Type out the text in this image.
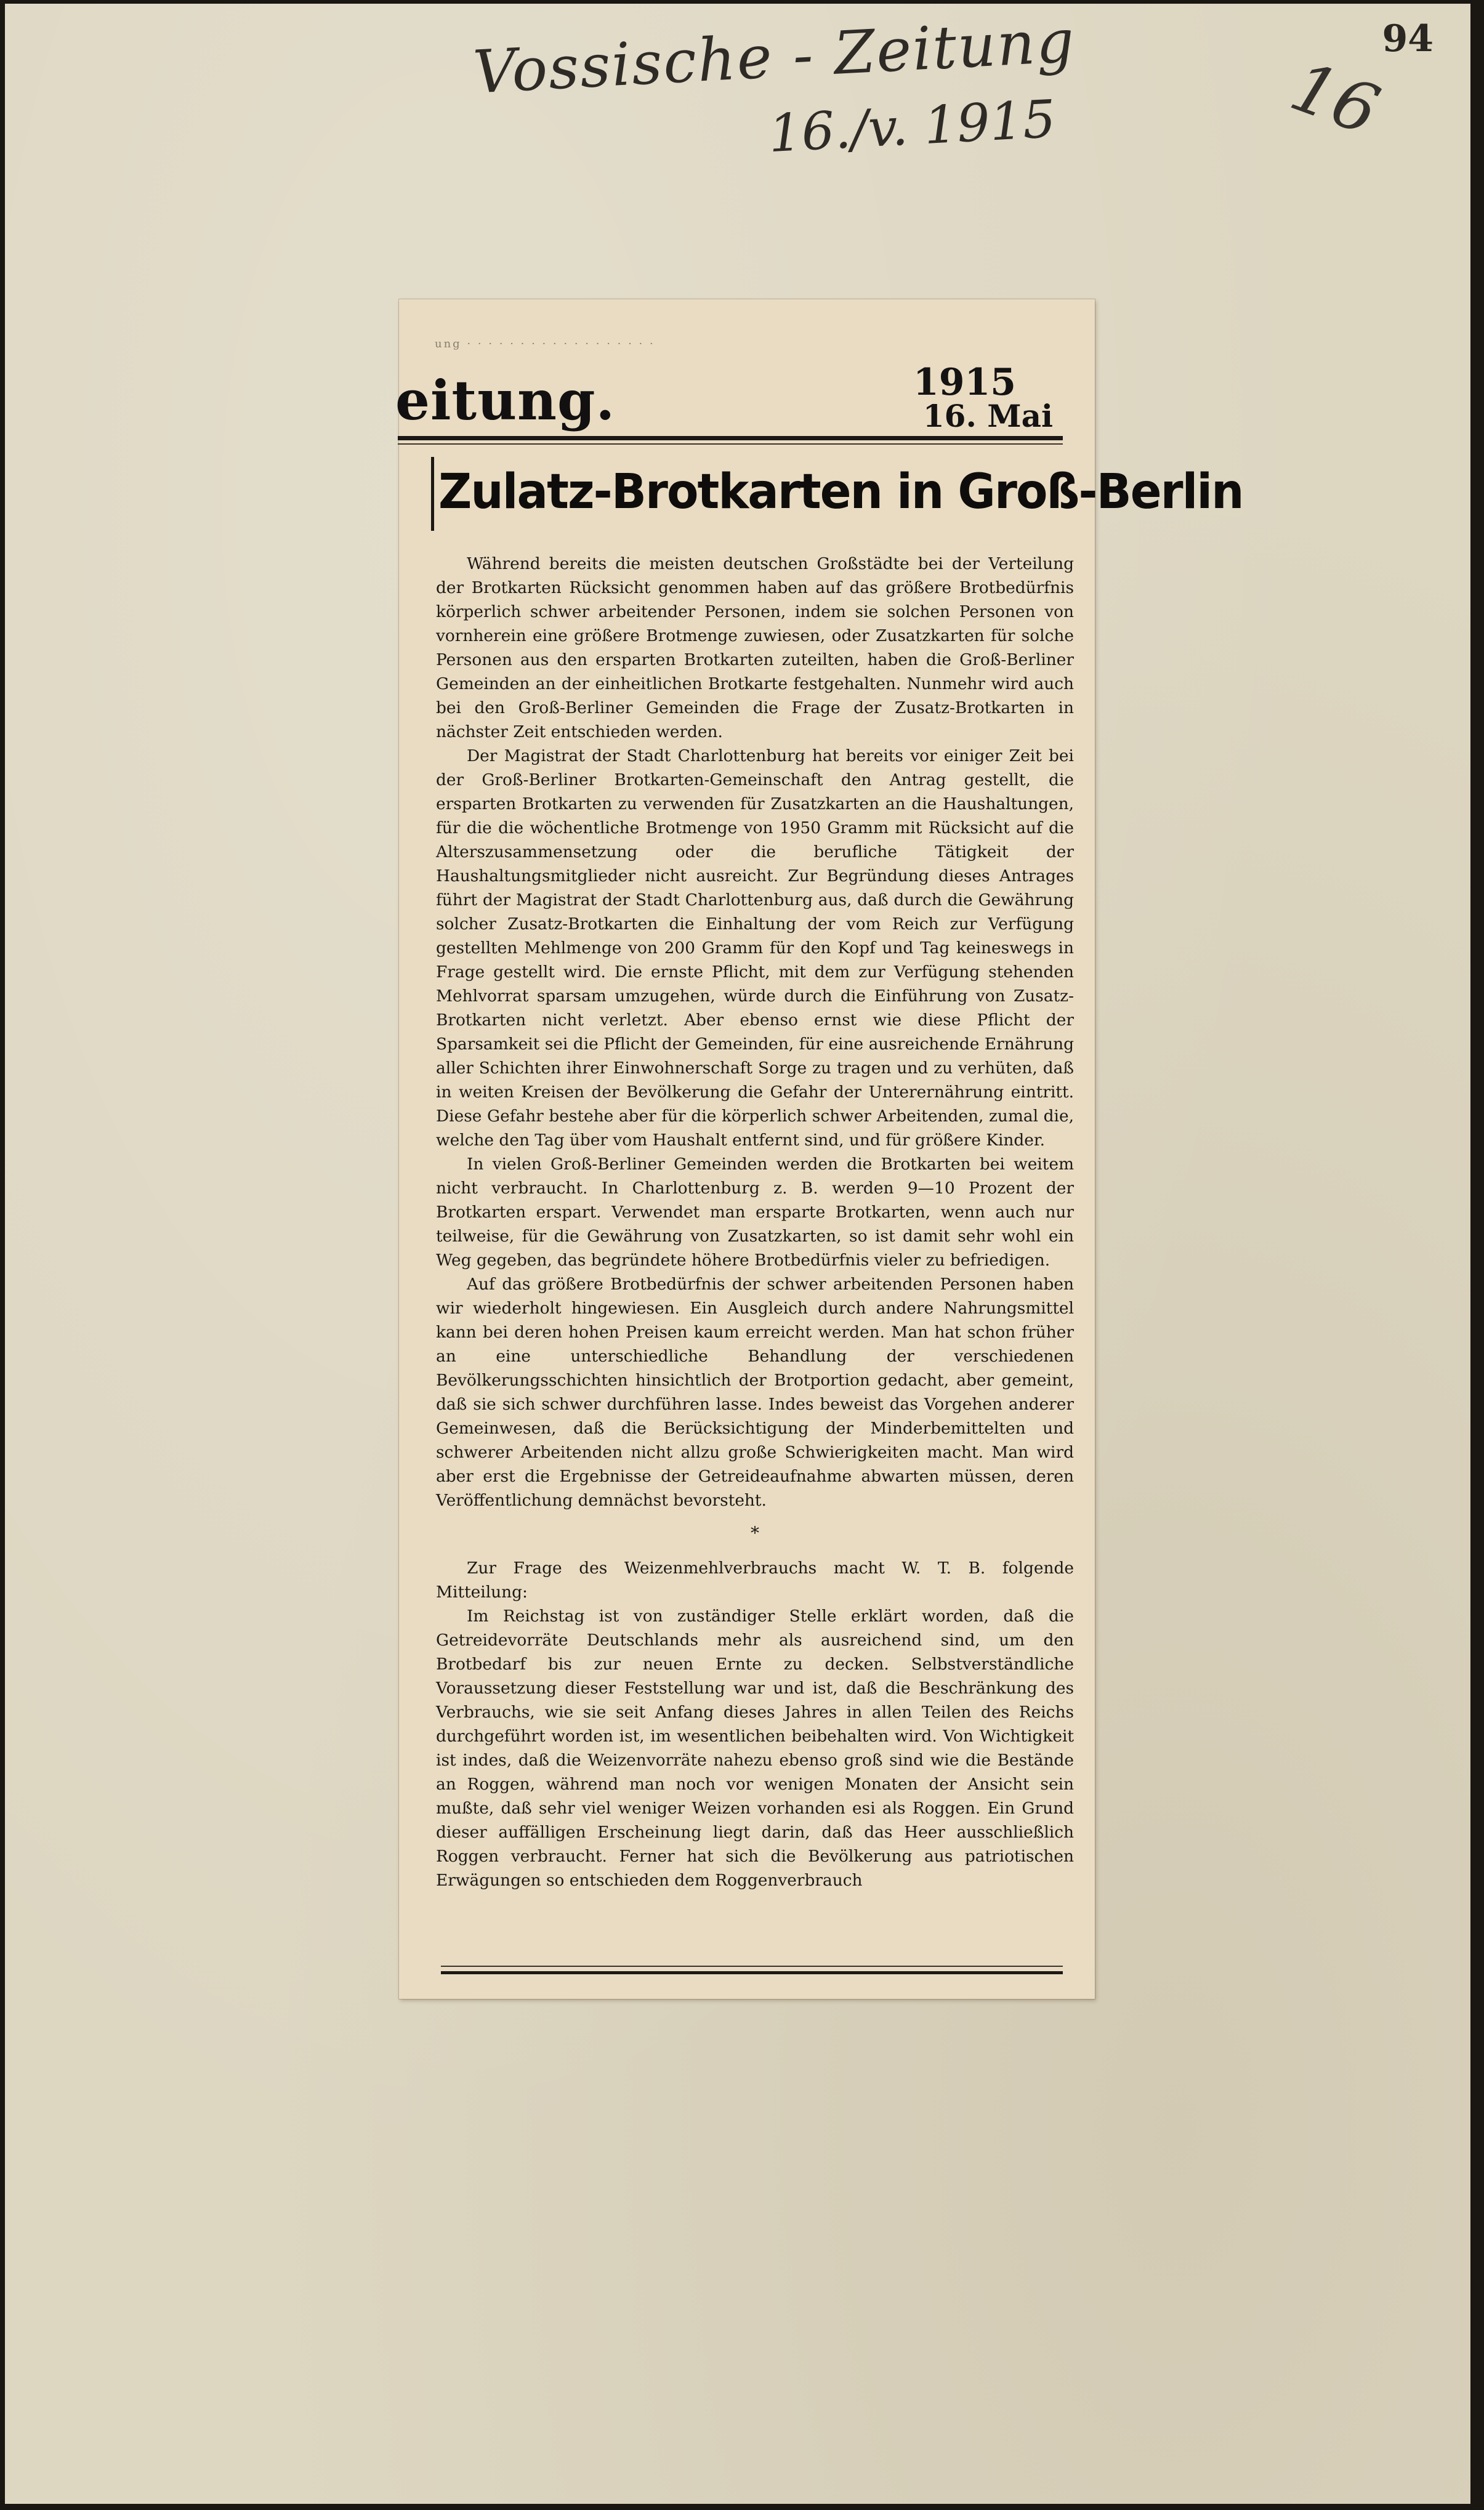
Vossische - Zeitung
16./v. 1915
94
16
ung · · · · · · · · · · · · · · · · · ·
eitung.	1915
16. Mai
Zulatz-Brotkarten in Groß-Berlin

Während bereits die meisten deutschen Großstädte bei der Verteilung der Brotkarten Rücksicht genommen haben auf das größere Brotbedürfnis körperlich schwer arbeitender Personen, indem sie solchen Personen von vornherein eine größere Brotmenge zuwiesen, oder Zusatzkarten für solche Personen aus den ersparten Brotkarten zuteilten, haben die Groß-Berliner Gemeinden an der einheitlichen Brotkarte festgehalten. Nunmehr wird auch bei den Groß-Berliner Gemeinden die Frage der Zusatz-Brotkarten in nächster Zeit entschieden werden.

Der Magistrat der Stadt Charlottenburg hat bereits vor einiger Zeit bei der Groß-Berliner Brotkarten-Gemeinschaft den Antrag gestellt, die ersparten Brotkarten zu verwenden für Zusatzkarten an die Haushaltungen, für die die wöchentliche Brotmenge von 1950 Gramm mit Rücksicht auf die Alterszusammensetzung oder die berufliche Tätigkeit der Haushaltungsmitglieder nicht ausreicht. Zur Begründung dieses Antrages führt der Magistrat der Stadt Charlottenburg aus, daß durch die Gewährung solcher Zusatz-Brotkarten die Einhaltung der vom Reich zur Verfügung gestellten Mehlmenge von 200 Gramm für den Kopf und Tag keineswegs in Frage gestellt wird. Die ernste Pflicht, mit dem zur Verfügung stehenden Mehlvorrat sparsam umzugehen, würde durch die Einführung von Zusatz-Brotkarten nicht verletzt. Aber ebenso ernst wie diese Pflicht der Sparsamkeit sei die Pflicht der Gemeinden, für eine ausreichende Ernährung aller Schichten ihrer Einwohnerschaft Sorge zu tragen und zu verhüten, daß in weiten Kreisen der Bevölkerung die Gefahr der Unterernährung eintritt. Diese Gefahr bestehe aber für die körperlich schwer Arbeitenden, zumal die, welche den Tag über vom Haushalt entfernt sind, und für größere Kinder.

In vielen Groß-Berliner Gemeinden werden die Brotkarten bei weitem nicht verbraucht. In Charlottenburg z. B. werden 9—10 Prozent der Brotkarten erspart. Verwendet man ersparte Brotkarten, wenn auch nur teilweise, für die Gewährung von Zusatzkarten, so ist damit sehr wohl ein Weg gegeben, das begründete höhere Brotbedürfnis vieler zu befriedigen.

Auf das größere Brotbedürfnis der schwer arbeitenden Personen haben wir wiederholt hingewiesen. Ein Ausgleich durch andere Nahrungsmittel kann bei deren hohen Preisen kaum erreicht werden. Man hat schon früher an eine unterschiedliche Behandlung der verschiedenen Bevölkerungsschichten hinsichtlich der Brotportion gedacht, aber gemeint, daß sie sich schwer durchführen lasse. Indes beweist das Vorgehen anderer Gemeinwesen, daß die Berücksichtigung der Minderbemittelten und schwerer Arbeitenden nicht allzu große Schwierigkeiten macht. Man wird aber erst die Ergebnisse der Getreideaufnahme abwarten müssen, deren Veröffentlichung demnächst bevorsteht.

*

Zur Frage des Weizenmehlverbrauchs macht W. T. B. folgende Mitteilung:

Im Reichstag ist von zuständiger Stelle erklärt worden, daß die Getreidevorräte Deutschlands mehr als ausreichend sind, um den Brotbedarf bis zur neuen Ernte zu decken. Selbstverständliche Voraussetzung dieser Feststellung war und ist, daß die Beschränkung des Verbrauchs, wie sie seit Anfang dieses Jahres in allen Teilen des Reichs durchgeführt worden ist, im wesentlichen beibehalten wird. Von Wichtigkeit ist indes, daß die Weizenvorräte nahezu ebenso groß sind wie die Bestände an Roggen, während man noch vor wenigen Monaten der Ansicht sein mußte, daß sehr viel weniger Weizen vorhanden esi als Roggen. Ein Grund dieser auffälligen Erscheinung liegt darin, daß das Heer ausschließlich Roggen verbraucht. Ferner hat sich die Bevölkerung aus patriotischen Erwägungen so entschieden dem Roggenverbrauch
